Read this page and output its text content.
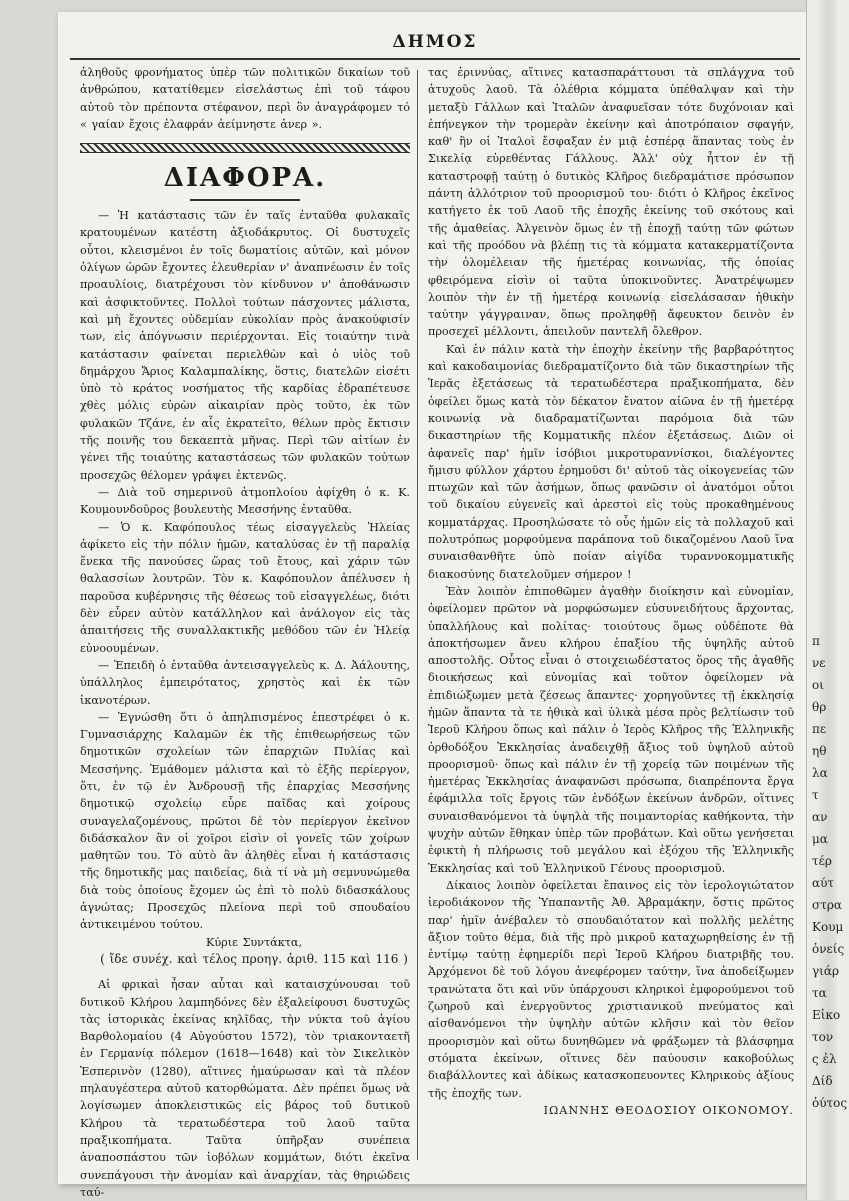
ΔΗΜΟΣ

ἀληθοῦς φρονήματος ὑπὲρ τῶν πολιτικῶν δικαίων τοῦ ἀνθρώπου, κατατίθεμεν εἰσελάστως ἐπὶ τοῦ τάφου αὐτοῦ τὸν πρέποντα στέφανον, περὶ ὃν ἀναγράφομεν τό « γαίαν ἔχοις ἐλαφράν ἀείμνηστε ἀνερ ».

ΔΙΑΦΟΡΑ.

— Ἡ κατάστασις τῶν ἐν ταῖς ἐνταῦθα φυλακαῖς κρατουμένων κατέστη ἀξιοδάκρυτος. Οἱ δυστυχεῖς οὗτοι, κλεισμένοι ἐν τοῖς δωματίοις αὐτῶν, καὶ μόνον ὀλίγων ὡρῶν ἔχοντες ἐλευθερίαν ν' ἀναπνέωσιν ἐν τοῖς προαυλίοις, διατρέχουσι τὸν κίνδυνον ν' ἀποθάνωσιν καὶ ἀσφικτοῦντες. Πολλοὶ τούτων πάσχοντες μάλιστα, καὶ μὴ ἔχοντες οὐδεμίαν εὐκολίαν πρὸς ἀνακούφισίν των, εἰς ἀπόγνωσιν περιέρχονται. Εἰς τοιαύτην τινὰ κατάστασιν φαίνεται περιελθὼν καὶ ὁ υἱὸς τοῦ δημάρχου Ἄριος Καλαμπαλίκης, ὅστις, διατελῶν εἰσέτι ὑπὸ τὸ κράτος νοσήματος τῆς καρδίας ἐδραπέτευσε χθὲς μόλις εὐρὼν αἰκαιρίαν πρὸς τοῦτο, ἐκ τῶν φυλακῶν Τζάνε, ἐν αἷς ἐκρατεῖτο, θέλων πρὸς ἔκτισιν τῆς ποινῆς του δεκαεπτὰ μῆνας. Περὶ τῶν αἰτίων ἐν γένει τῆς τοιαύτης καταστάσεως τῶν φυλακῶν τούτων προσεχῶς θέλομεν γράψει ἐκτενῶς.

— Διὰ τοῦ σημερινοῦ ἀτμοπλοίου ἀφίχθη ὁ κ. Κ. Κουμουνδοῦρος βουλευτὴς Μεσσήνης ἐνταῦθα.

— Ὁ κ. Καφόπουλος τέως εἰσαγγελεὺς Ἠλείας ἀφίκετο εἰς τὴν πόλιν ἡμῶν, καταλύσας ἐν τῇ παραλίᾳ ἕνεκα τῆς πανούσες ὥρας τοῦ ἔτους, καὶ χάριν τῶν θαλασσίων λουτρῶν. Τὸν κ. Καφόπουλον ἀπέλυσεν ἡ παροῦσα κυβέρνησις τῆς θέσεως τοῦ εἰσαγγελέως, διότι δὲν εὗρεν αὐτὸν κατάλληλον καὶ ἀνάλογον εἰς τὰς ἀπαιτήσεις τῆς συναλλακτικῆς μεθόδου τῶν ἐν Ἠλείᾳ εὐνοουμένων.

— Ἐπειδὴ ὁ ἐνταῦθα ἀντεισαγγελεὺς κ. Δ. Ἀάλουτης, ὑπάλληλος ἐμπειρότατος, χρηστὸς καὶ ἐκ τῶν ἱκανοτέρων.

— Ἐγνώσθη ὅτι ὁ ἀπηλπισμένος ἐπεστρέφει ὁ κ. Γυμνασιάρχης Καλαμῶν ἐκ τῆς ἐπιθεωρήσεως τῶν δημοτικῶν σχολείων τῶν ἐπαρχιῶν Πυλίας καὶ Μεσσήνης. Ἐμάθομεν μάλιστα καὶ τὸ ἑξῆς περίεργον, ὅτι, ἐν τῷ ἐν Ἀνδρουσῇ τῆς ἐπαρχίας Μεσσήνης δημοτικῷ σχολείῳ εὗρε παῖδας καὶ χοίρους συναγελαζομένους, πρῶτοι δὲ τὸν περίεργον ἐκεῖνον διδάσκαλον ἂν οἱ χοῖροι εἰσὶν οἱ γονεῖς τῶν χοίρων μαθητῶν του. Τὸ αὐτὸ ἂν ἀληθὲς εἶναι ἡ κατάστασις τῆς δημοτικῆς μας παιδείας, διὰ τί νὰ μὴ σεμνυνώμεθα διὰ τοὺς ὁποίους ἔχομεν ὡς ἐπὶ τὸ πολὺ διδασκάλους ἀγνώτας; Προσεχῶς πλείονα περὶ τοῦ σπουδαίου ἀντικειμένου τούτου.

Κύριε Συντάκτα,

( ἴδε συνέχ. καὶ τέλος προηγ. ἀριθ. 115 καὶ 116 )

Αἱ φρικαὶ ἦσαν αὗται καὶ καταισχύνουσαι τοῦ δυτικοῦ Κλήρου λαμπηδόνες δὲν ἐξαλείφουσι δυστυχῶς τὰς ἱστορικὰς ἐκείνας κηλῖδας, τὴν νύκτα τοῦ ἁγίου Βαρθολομαίου (4 Αὐγούστου 1572), τὸν τριακονταετῆ ἐν Γερμανίᾳ πόλεμον (1618—1648) καὶ τὸν Σικελικὸν Ἑσπερινὸν (1280), αἵτινες ἠμαύρωσαν καὶ τὰ πλέον πηλαυγέστερα αὐτοῦ κατορθώματα. Δὲν πρέπει ὅμως νὰ λογίσωμεν ἀποκλειστικῶς εἰς βάρος τοῦ δυτικοῦ Κλήρου τὰ τερατωδέστερα τοῦ λαοῦ ταῦτα πραξικοπήματα. Ταῦτα ὑπῆρξαν συνέπεια ἀναποσπάστου τῶν ἰοβόλων κομμάτων, διότι ἐκεῖνα συνεπάγουσι τὴν ἀνομίαν καὶ ἀναρχίαν, τὰς θηριώδεις ταύ-

τας ἐριννύας, αἵτινες κατασπαράττουσι τὰ σπλάγχνα τοῦ ἀτυχοῦς λαοῦ. Τὰ ὀλέθρια κόμματα ὑπέθαλψαν καὶ τὴν μεταξὺ Γάλλων καὶ Ἰταλῶν ἀναφυεῖσαν τότε δυχόνοιαν καὶ ἐπήνεγκον τὴν τρομερὰν ἐκείνην καὶ ἀποτρόπαιον σφαγήν, καθ' ἣν οἱ Ἰταλοὶ ἔσφαξαν ἐν μιᾷ ἑσπέρᾳ ἅπαντας τοὺς ἐν Σικελίᾳ εὑρεθέντας Γάλλους. Ἀλλ' οὐχ ἧττον ἐν τῇ καταστροφῇ ταύτῃ ὁ δυτικὸς Κλῆρος διεδραμάτισε πρόσωπον πάντη ἀλλότριον τοῦ προορισμοῦ του· διότι ὁ Κλῆρος ἐκεῖνος κατήγετο ἐκ τοῦ Λαοῦ τῆς ἐποχῆς ἐκείνης τοῦ σκότους καὶ τῆς ἀμαθείας. Ἀλγεινὸν ὅμως ἐν τῇ ἐποχῇ ταύτῃ τῶν φώτων καὶ τῆς προόδου νὰ βλέπῃ τις τὰ κόμματα κατακερματίζοντα τὴν ὁλομέλειαν τῆς ἡμετέρας κοινωνίας, τῆς ὁποίας φθειρόμενα εἰσὶν οἱ ταῦτα ὑποκινοῦντες. Ἀνατρέψωμεν λοιπὸν τὴν ἐν τῇ ἡμετέρᾳ κοινωνίᾳ εἰσελάσασαν ἠθικὴν ταύτην γάγγραιναν, ὅπως προληφθῇ ἄφευκτον δεινὸν ἐν προσεχεῖ μέλλοντι, ἀπειλοῦν παντελῆ ὄλεθρον.

Καὶ ἐν πάλιν κατὰ τὴν ἐποχὴν ἐκείνην τῆς βαρβαρότητος καὶ κακοδαιμονίας διεδραματίζοντο διὰ τῶν δικαστηρίων τῆς Ἱερᾶς ἐξετάσεως τὰ τερατωδέστερα πραξικοπήματα, δὲν ὀφείλει ὅμως κατὰ τὸν δέκατον ἔνατον αἰῶνα ἐν τῇ ἡμετέρᾳ κοινωνίᾳ νὰ διαδραματίζωνται παρόμοια διὰ τῶν δικαστηρίων τῆς Κομματικῆς πλέον ἐξετάσεως. Διῶν οἱ ἀφανεῖς παρ' ἡμῖν ἰσόβιοι μικροτυραννίσκοι, διαλέγοντες ἤμισυ φύλλον χάρτου ἐρημοῦσι δι' αὐτοῦ τὰς οἰκογενείας τῶν πτωχῶν καὶ τῶν ἀσήμων, ὅπως φανῶσιν οἱ ἀνατόμοι οὗτοι τοῦ δικαίου εὐγενεῖς καὶ ἀρεστοὶ εἰς τοὺς προκαθημένους κομματάρχας. Προσηλώσατε τὸ οὖς ἡμῶν εἰς τὰ πολλαχοῦ καὶ πολυτρόπως μορφούμενα παράπονα τοῦ δικαζομένου Λαοῦ ἵνα συναισθανθῆτε ὑπὸ ποίαν αἰγίδα τυραννοκομματικῆς διακοσύνης διατελοῦμεν σήμερον !

Ἐὰν λοιπὸν ἐπιποθῶμεν ἀγαθὴν διοίκησιν καὶ εὐνομίαν, ὀφείλομεν πρῶτον νὰ μορφώσωμεν εὐσυνειδήτους ἄρχοντας, ὑπαλλήλους καὶ πολίτας· τοιούτους ὅμως οὐδέποτε θὰ ἀποκτήσωμεν ἄνευ κλήρου ἐπαξίου τῆς ὑψηλῆς αὐτοῦ αποστολῆς. Οὗτος εἶναι ὁ στοιχειωδέστατος ὅρος τῆς ἀγαθῆς διοικήσεως καὶ εὐνομίας καὶ τοῦτον ὀφείλομεν νὰ ἐπιδιώξωμεν μετὰ ζέσεως ἅπαντες· χορηγοῦντες τῇ ἐκκλησίᾳ ἡμῶν ἅπαντα τὰ τε ἠθικὰ καὶ ὑλικὰ μέσα πρὸς βελτίωσιν τοῦ Ἱεροῦ Κλήρου ὅπως καὶ πάλιν ὁ Ἱερὸς Κλῆρος τῆς Ἑλληνικῆς ὀρθοδόξου Ἐκκλησίας ἀναδειχθῇ ἄξιος τοῦ ὑψηλοῦ αὐτοῦ προορισμοῦ· ὅπως καὶ πάλιν ἐν τῇ χορείᾳ τῶν ποιμένων τῆς ἡμετέρας Ἐκκλησίας ἀναφανῶσι πρόσωπα, διαπρέποντα ἔργα ἐφάμιλλα τοῖς ἔργοις τῶν ἐνδόξων ἐκείνων ἀνδρῶν, οἵτινες συναισθανόμενοι τὰ ὑψηλὰ τῆς ποιμαντορίας καθήκοντα, τὴν ψυχὴν αὐτῶν ἔθηκαν ὑπὲρ τῶν προβάτων. Καὶ οὕτω γενήσεται ἐφικτὴ ἡ πλήρωσις τοῦ μεγάλου καὶ ἐξόχου τῆς Ἑλληνικῆς Ἐκκλησίας καὶ τοῦ Ἑλληνικοῦ Γένους προορισμοῦ.

Δίκαιος λοιπὸν ὀφείλεται ἔπαινος εἰς τὸν ἱερολογιώτατον ἱεροδιάκονον τῆς Ὑπαπαντῆς Ἀθ. Ἀβραμάκην, ὅστις πρῶτος παρ' ἡμῖν ἀνέβαλεν τὸ σπουδαιότατον καὶ πολλῆς μελέτης ἄξιον τοῦτο θέμα, διὰ τῆς πρὸ μικροῦ καταχωρηθείσης ἐν τῇ ἐντίμῳ ταύτῃ ἐφημερίδι περὶ Ἱεροῦ Κλήρου διατριβῆς του. Ἀρχόμενοι δὲ τοῦ λόγου ἀνεφέρομεν ταύτην, ἵνα ἀποδείξωμεν τρανώτατα ὅτι καὶ νῦν ὑπάρχουσι κληρικοὶ ἐμφορούμενοι τοῦ ζωηροῦ καὶ ἐνεργοῦντος χριστιανικοῦ πνεύματος καὶ αἰσθανόμενοι τὴν ὑψηλὴν αὐτῶν κλῆσιν καὶ τὸν θεῖον προορισμὸν καὶ οὕτω δυνηθῶμεν νὰ φράξωμεν τὰ βλάσφημα στόματα ἐκείνων, οἵτινες δὲν παύουσιν κακοβούλως διαβάλλοντες καὶ ἀδίκως κατασκοπευοντες Κληρικοὺς ἀξίους τῆς ἐποχῆς των.

ΙΩΑΝΝΗΣ ΘΕΟΔΟΣΙΟΥ ΟΙΚΟΝΟΜΟΥ.

π
νε
οι
θρ
πε
ηθ
λα
τ
αν
μα
τέρ
αύτ
στρα
Κουμ
ὀνείς
γιάρ
τα
Εἰκο
τον
ς ἐλ
Δίδ
ὀύτος
